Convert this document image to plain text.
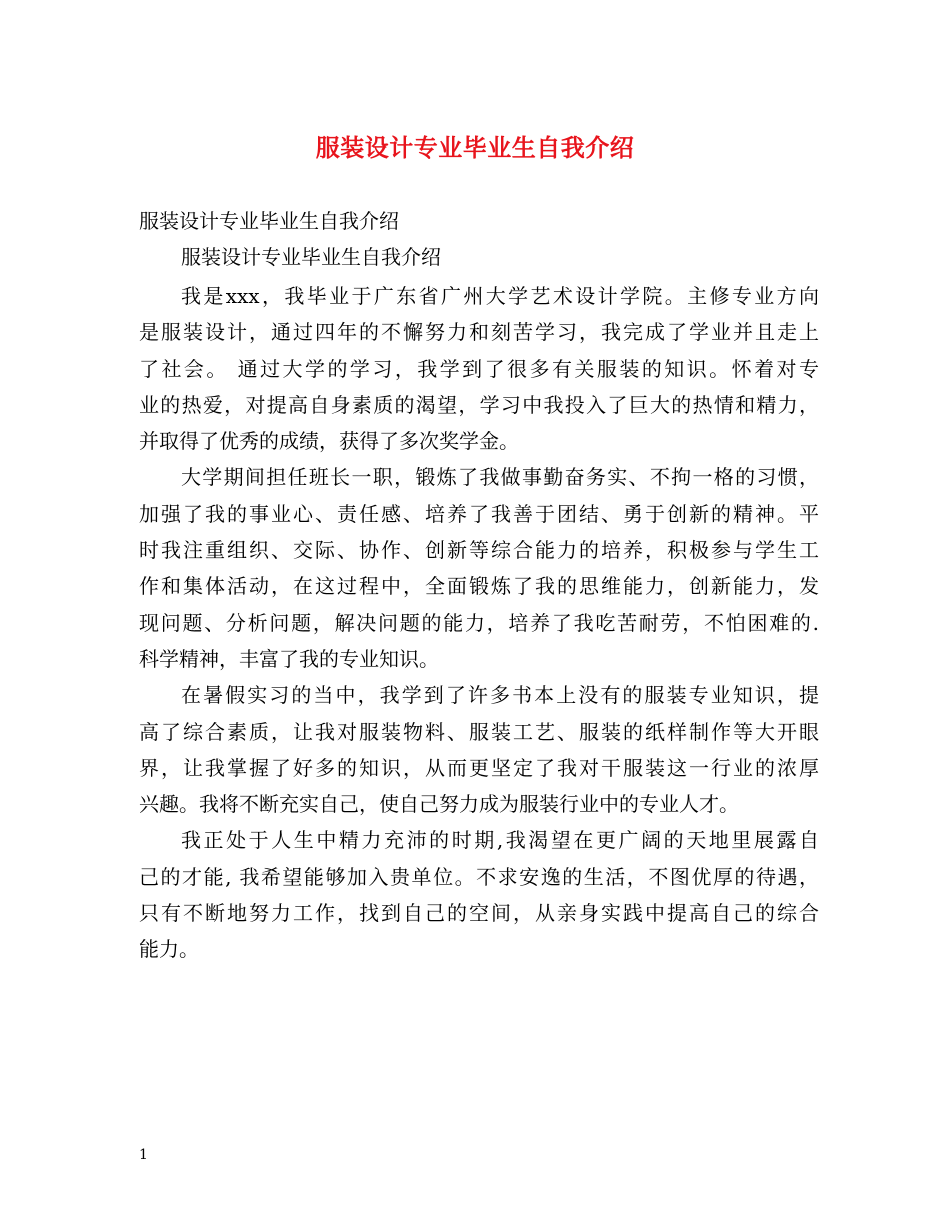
服装设计专业毕业生自我介绍
服装设计专业毕业生自我介绍
服装设计专业毕业生自我介绍
我是xxx，我毕业于广东省广州大学艺术设计学院。主修专业方向
是服装设计，通过四年的不懈努力和刻苦学习，我完成了学业并且走上
了社会。 通过大学的学习，我学到了很多有关服装的知识。怀着对专
业的热爱，对提高自身素质的渴望，学习中我投入了巨大的热情和精力，
并取得了优秀的成绩，获得了多次奖学金。
大学期间担任班长一职，锻炼了我做事勤奋务实、不拘一格的习惯，
加强了我的事业心、责任感、培养了我善于团结、勇于创新的精神。平
时我注重组织、交际、协作、创新等综合能力的培养，积极参与学生工
作和集体活动，在这过程中，全面锻炼了我的思维能力，创新能力，发
现问题、分析问题，解决问题的能力，培养了我吃苦耐劳，不怕困难的.
科学精神，丰富了我的专业知识。
在暑假实习的当中，我学到了许多书本上没有的服装专业知识，提
高了综合素质，让我对服装物料、服装工艺、服装的纸样制作等大开眼
界，让我掌握了好多的知识，从而更坚定了我对干服装这一行业的浓厚
兴趣。我将不断充实自己，使自己努力成为服装行业中的专业人才。
我正处于人生中精力充沛的时期,我渴望在更广阔的天地里展露自
己的才能, 我希望能够加入贵单位。不求安逸的生活，不图优厚的待遇，
只有不断地努力工作，找到自己的空间，从亲身实践中提高自己的综合
能力。
1
